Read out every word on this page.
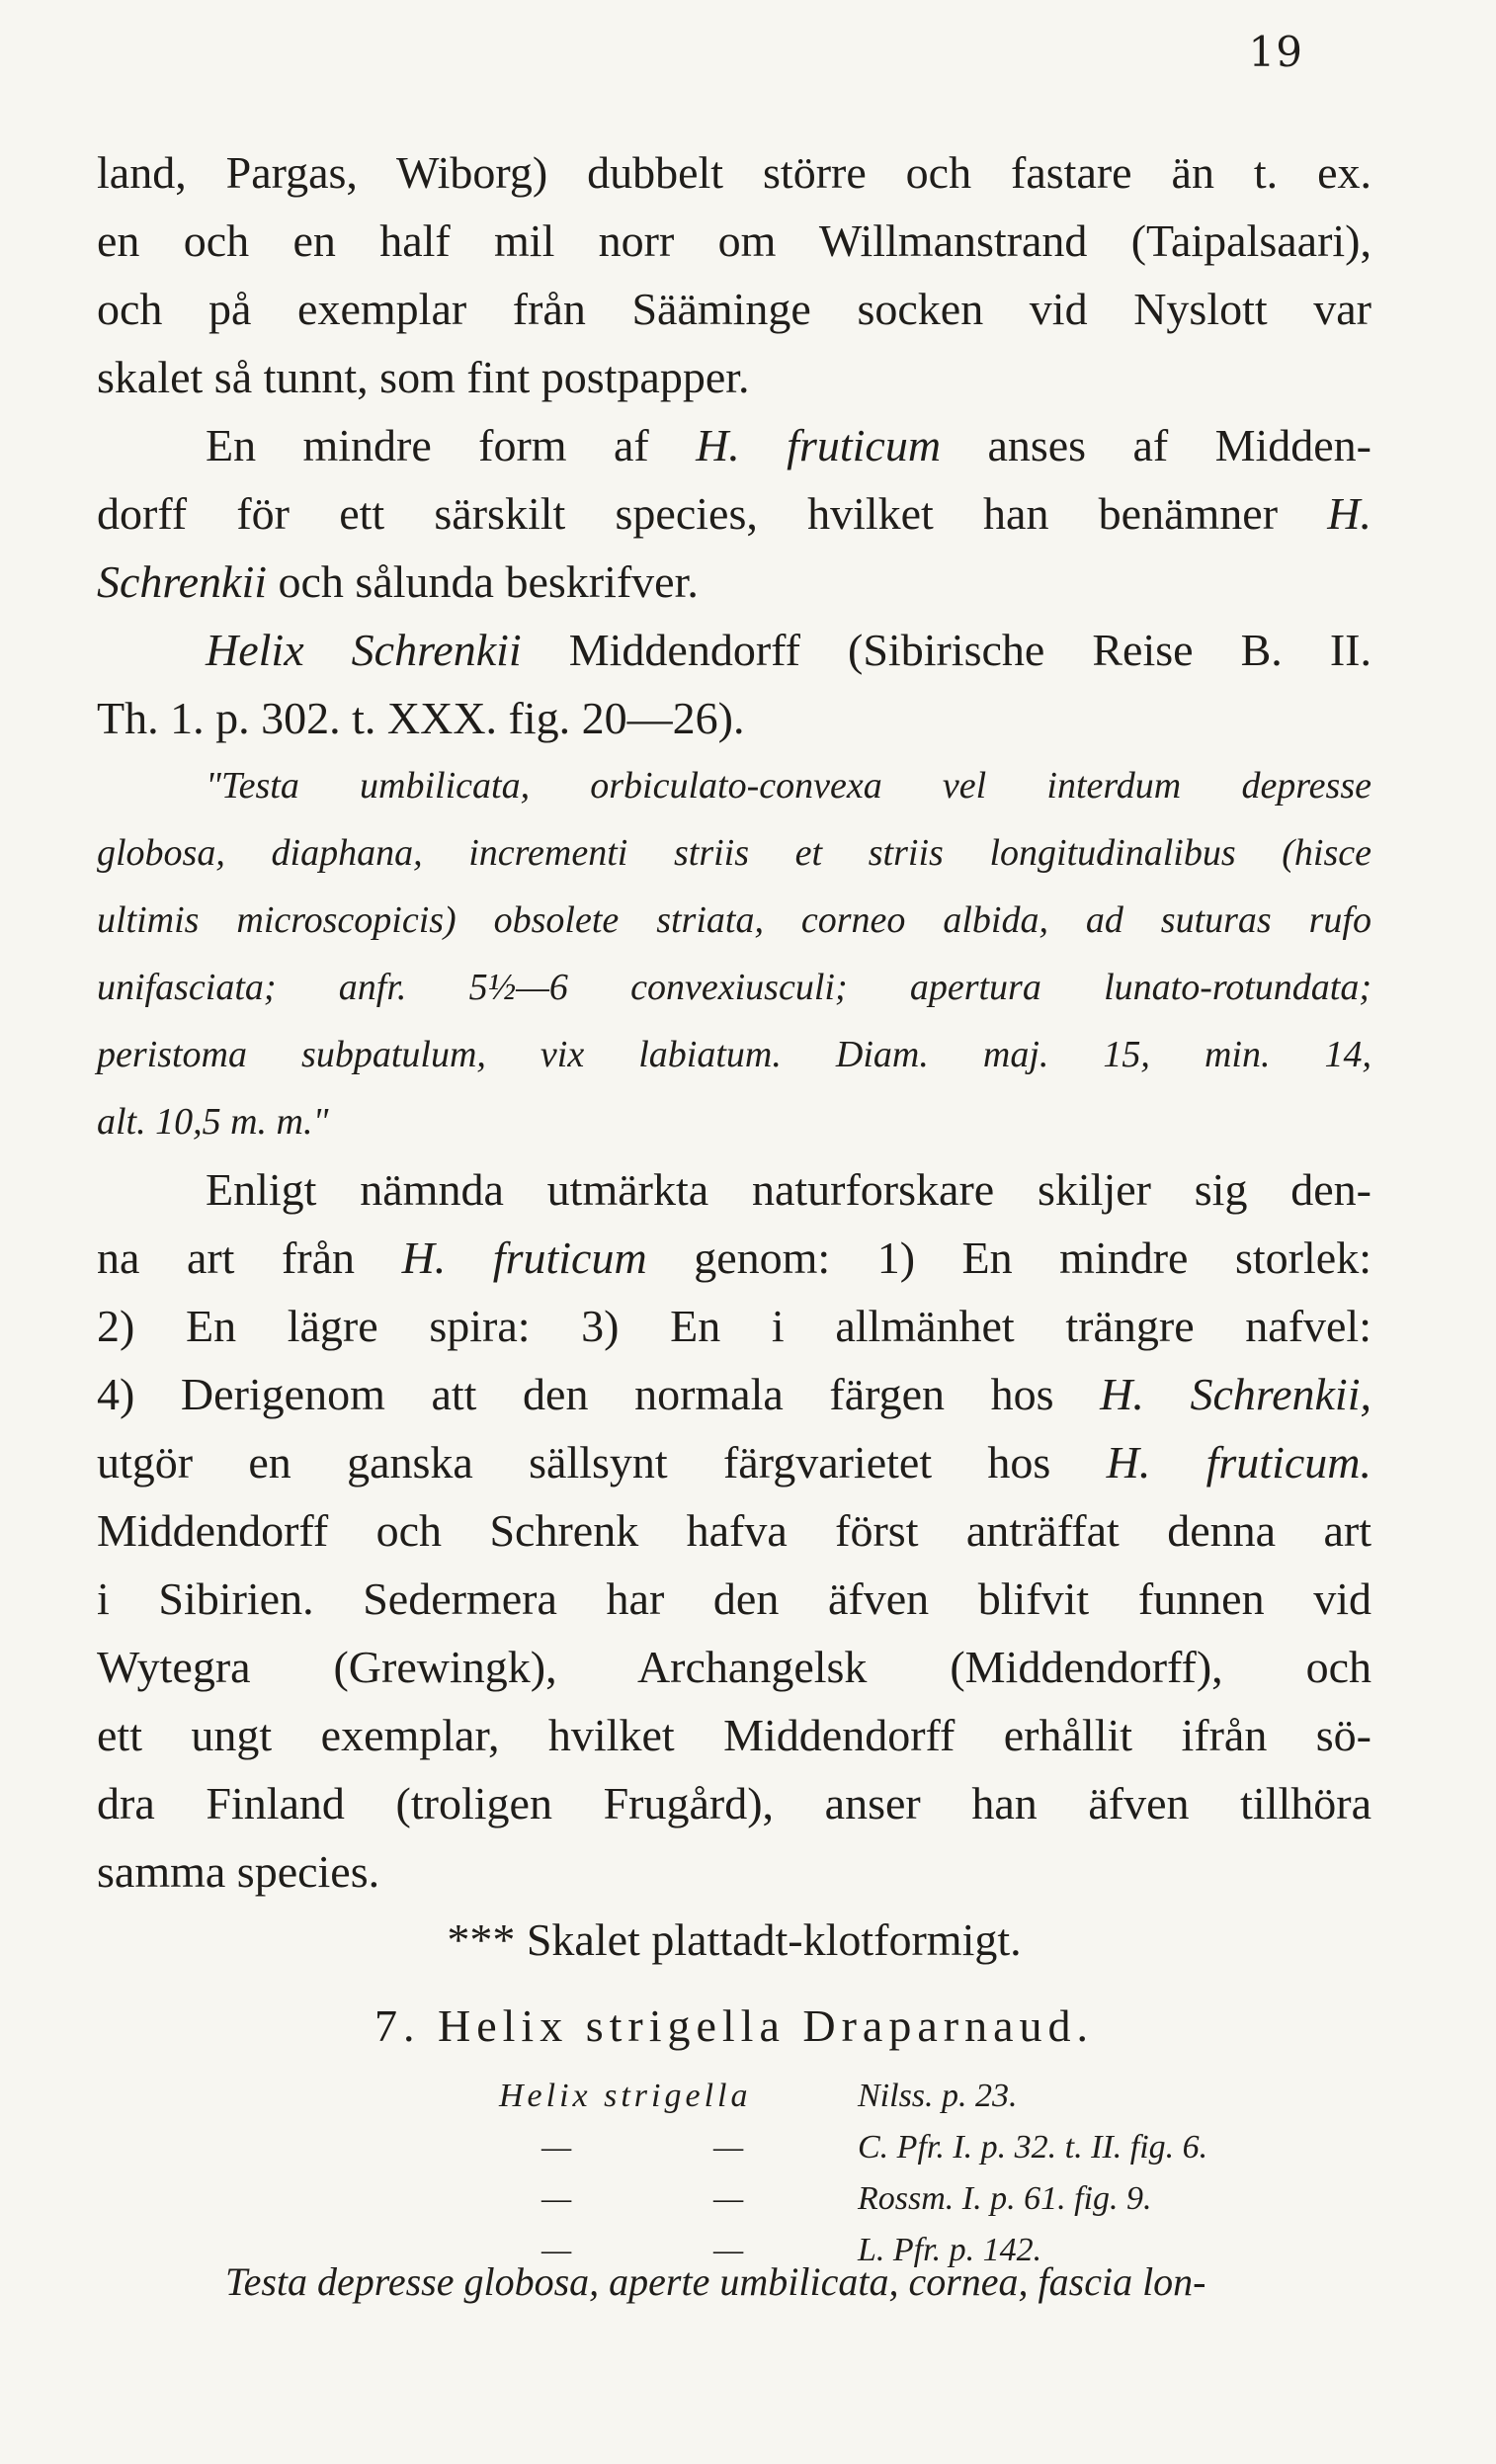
19
land, Pargas, Wiborg) dubbelt större och fastare än t. ex.
en och en half mil norr om Willmanstrand (Taipalsaari),
och på exemplar från Sääminge socken vid Nyslott var
skalet så tunnt, som fint postpapper.
En mindre form af H. fruticum anses af Midden-
dorff för ett särskilt species, hvilket han benämner H.
Schrenkii och sålunda beskrifver.
Helix Schrenkii Middendorff (Sibirische Reise B. II.
Th. 1. p. 302. t. XXX. fig. 20—26).
"Testa umbilicata, orbiculato-convexa vel interdum depresse
globosa, diaphana, incrementi striis et striis longitudinalibus (hisce
ultimis microscopicis) obsolete striata, corneo albida, ad suturas rufo
unifasciata; anfr. 5½—6 convexiusculi; apertura lunato-rotundata;
peristoma subpatulum, vix labiatum. Diam. maj. 15, min. 14,
alt. 10,5 m. m."
Enligt nämnda utmärkta naturforskare skiljer sig den-
na art från H. fruticum genom: 1) En mindre storlek:
2) En lägre spira: 3) En i allmänhet trängre nafvel:
4) Derigenom att den normala färgen hos H. Schrenkii,
utgör en ganska sällsynt färgvarietet hos H. fruticum.
Middendorff och Schrenk hafva först anträffat denna art
i Sibirien. Sedermera har den äfven blifvit funnen vid
Wytegra (Grewingk), Archangelsk (Middendorff), och
ett ungt exemplar, hvilket Middendorff erhållit ifrån sö-
dra Finland (troligen Frugård), anser han äfven tillhöra
samma species.
*** Skalet plattadt-klotformigt.
7. Helix strigella Draparnaud.
Helix strigella	Nilss. p. 23.
—	—	C. Pfr. I. p. 32. t. II. fig. 6.
—	—	Rossm. I. p. 61. fig. 9.
—	—	L. Pfr. p. 142.
Testa depresse globosa, aperte umbilicata, cornea, fascia lon-
